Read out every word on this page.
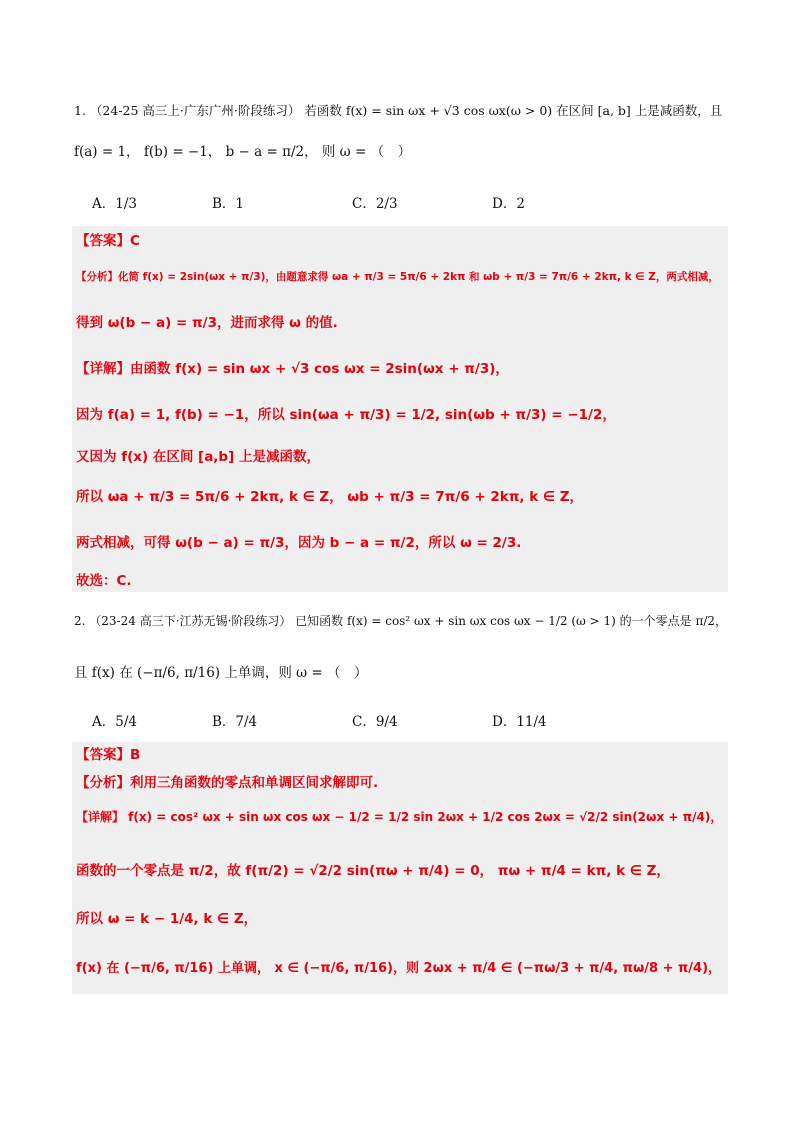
1. （24-25 高三上·广东广州·阶段练习） 若函数 f(x) = sin ωx + √3 cos ωx(ω > 0) 在区间 [a, b] 上是减函数，且
f(a) = 1， f(b) = −1， b − a = π/2， 则 ω = （　）
A．1/3	B．1	C．2/3	D．2
【答案】C
【分析】化简 f(x) = 2sin(ωx + π/3)，由题意求得 ωa + π/3 = 5π/6 + 2kπ 和 ωb + π/3 = 7π/6 + 2kπ, k ∈ Z，两式相减，
得到 ω(b − a) = π/3，进而求得 ω 的值.
【详解】由函数 f(x) = sin ωx + √3 cos ωx = 2sin(ωx + π/3)，
因为 f(a) = 1, f(b) = −1，所以 sin(ωa + π/3) = 1/2, sin(ωb + π/3) = −1/2，
又因为 f(x) 在区间 [a,b] 上是减函数，
所以 ωa + π/3 = 5π/6 + 2kπ, k ∈ Z， ωb + π/3 = 7π/6 + 2kπ, k ∈ Z，
两式相减，可得 ω(b − a) = π/3，因为 b − a = π/2，所以 ω = 2/3.
故选：C.
2. （23-24 高三下·江苏无锡·阶段练习） 已知函数 f(x) = cos² ωx + sin ωx cos ωx − 1/2 (ω > 1) 的一个零点是 π/2，
且 f(x) 在 (−π/6, π/16) 上单调，则 ω = （　）
A．5/4	B．7/4	C．9/4	D．11/4
【答案】B
【分析】利用三角函数的零点和单调区间求解即可.
【详解】 f(x) = cos² ωx + sin ωx cos ωx − 1/2 = 1/2 sin 2ωx + 1/2 cos 2ωx = √2/2 sin(2ωx + π/4)，
函数的一个零点是 π/2，故 f(π/2) = √2/2 sin(πω + π/4) = 0， πω + π/4 = kπ, k ∈ Z，
所以 ω = k − 1/4, k ∈ Z，
f(x) 在 (−π/6, π/16) 上单调， x ∈ (−π/6, π/16)，则 2ωx + π/4 ∈ (−πω/3 + π/4, πω/8 + π/4)，
